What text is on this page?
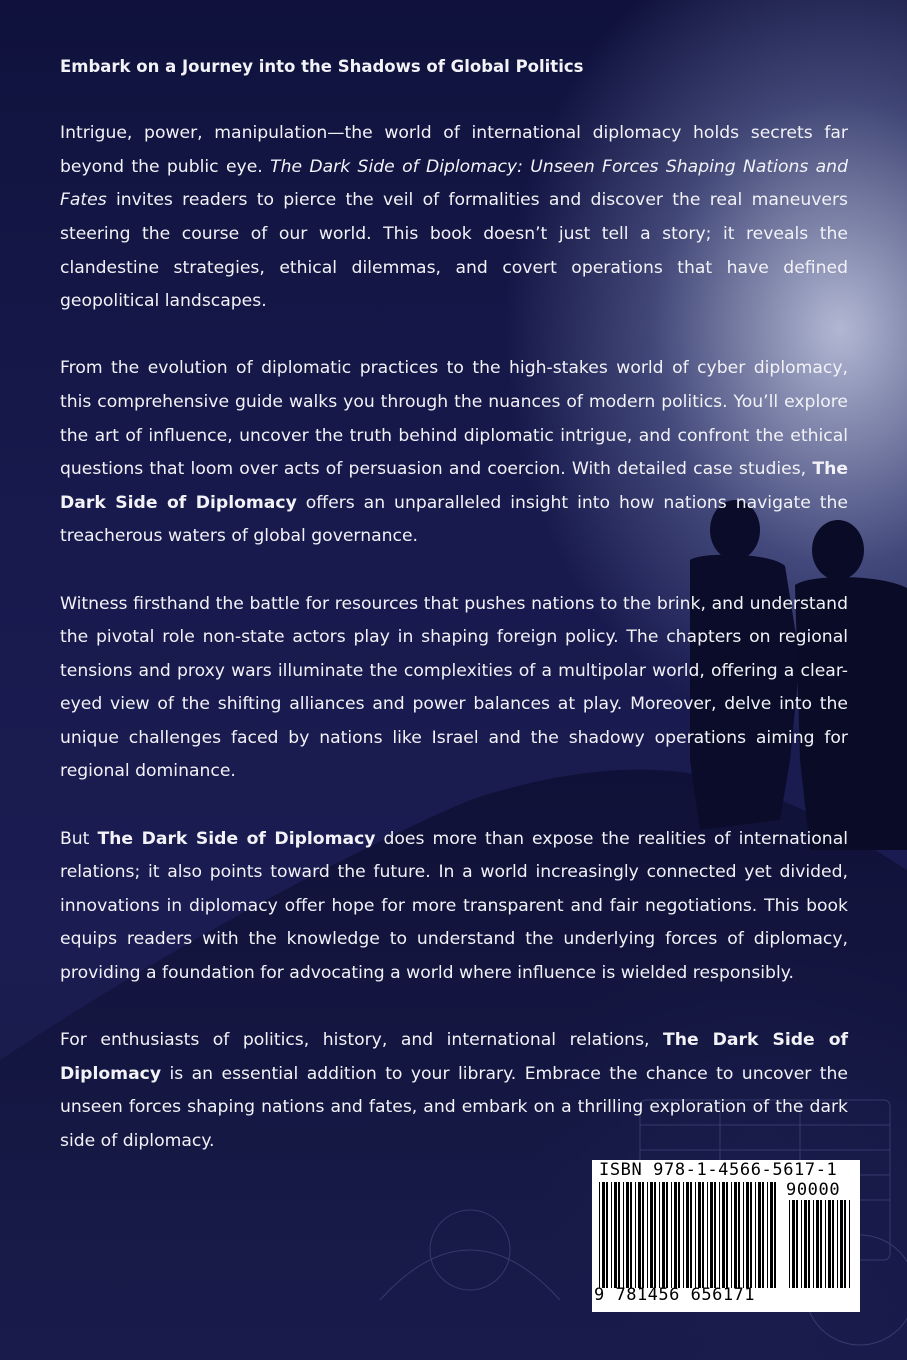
Embark on a Journey into the Shadows of Global Politics

Intrigue, power, manipulation—the world of international diplomacy holds secrets far beyond the public eye. The Dark Side of Diplomacy: Unseen Forces Shaping Nations and Fates invites readers to pierce the veil of formalities and discover the real maneuvers steering the course of our world. This book doesn’t just tell a story; it reveals the clandestine strategies, ethical dilemmas, and covert operations that have defined geopolitical landscapes.

From the evolution of diplomatic practices to the high-stakes world of cyber diplomacy, this comprehensive guide walks you through the nuances of modern politics. You’ll explore the art of influence, uncover the truth behind diplomatic intrigue, and confront the ethical questions that loom over acts of persuasion and coercion. With detailed case studies, The Dark Side of Diplomacy offers an unparalleled insight into how nations navigate the treacherous waters of global governance.

Witness firsthand the battle for resources that pushes nations to the brink, and understand the pivotal role non-state actors play in shaping foreign policy. The chapters on regional tensions and proxy wars illuminate the complexities of a multipolar world, offering a clear-eyed view of the shifting alliances and power balances at play. Moreover, delve into the unique challenges faced by nations like Israel and the shadowy operations aiming for regional dominance.

But The Dark Side of Diplomacy does more than expose the realities of international relations; it also points toward the future. In a world increasingly connected yet divided, innovations in diplomacy offer hope for more transparent and fair negotiations. This book equips readers with the knowledge to understand the underlying forces of diplomacy, providing a foundation for advocating a world where influence is wielded responsibly.

For enthusiasts of politics, history, and international relations, The Dark Side of Diplomacy is an essential addition to your library. Embrace the chance to uncover the unseen forces shaping nations and fates, and embark on a thrilling exploration of the dark side of diplomacy.

ISBN 978-1-4566-5617-1
90000
9 781456 656171
